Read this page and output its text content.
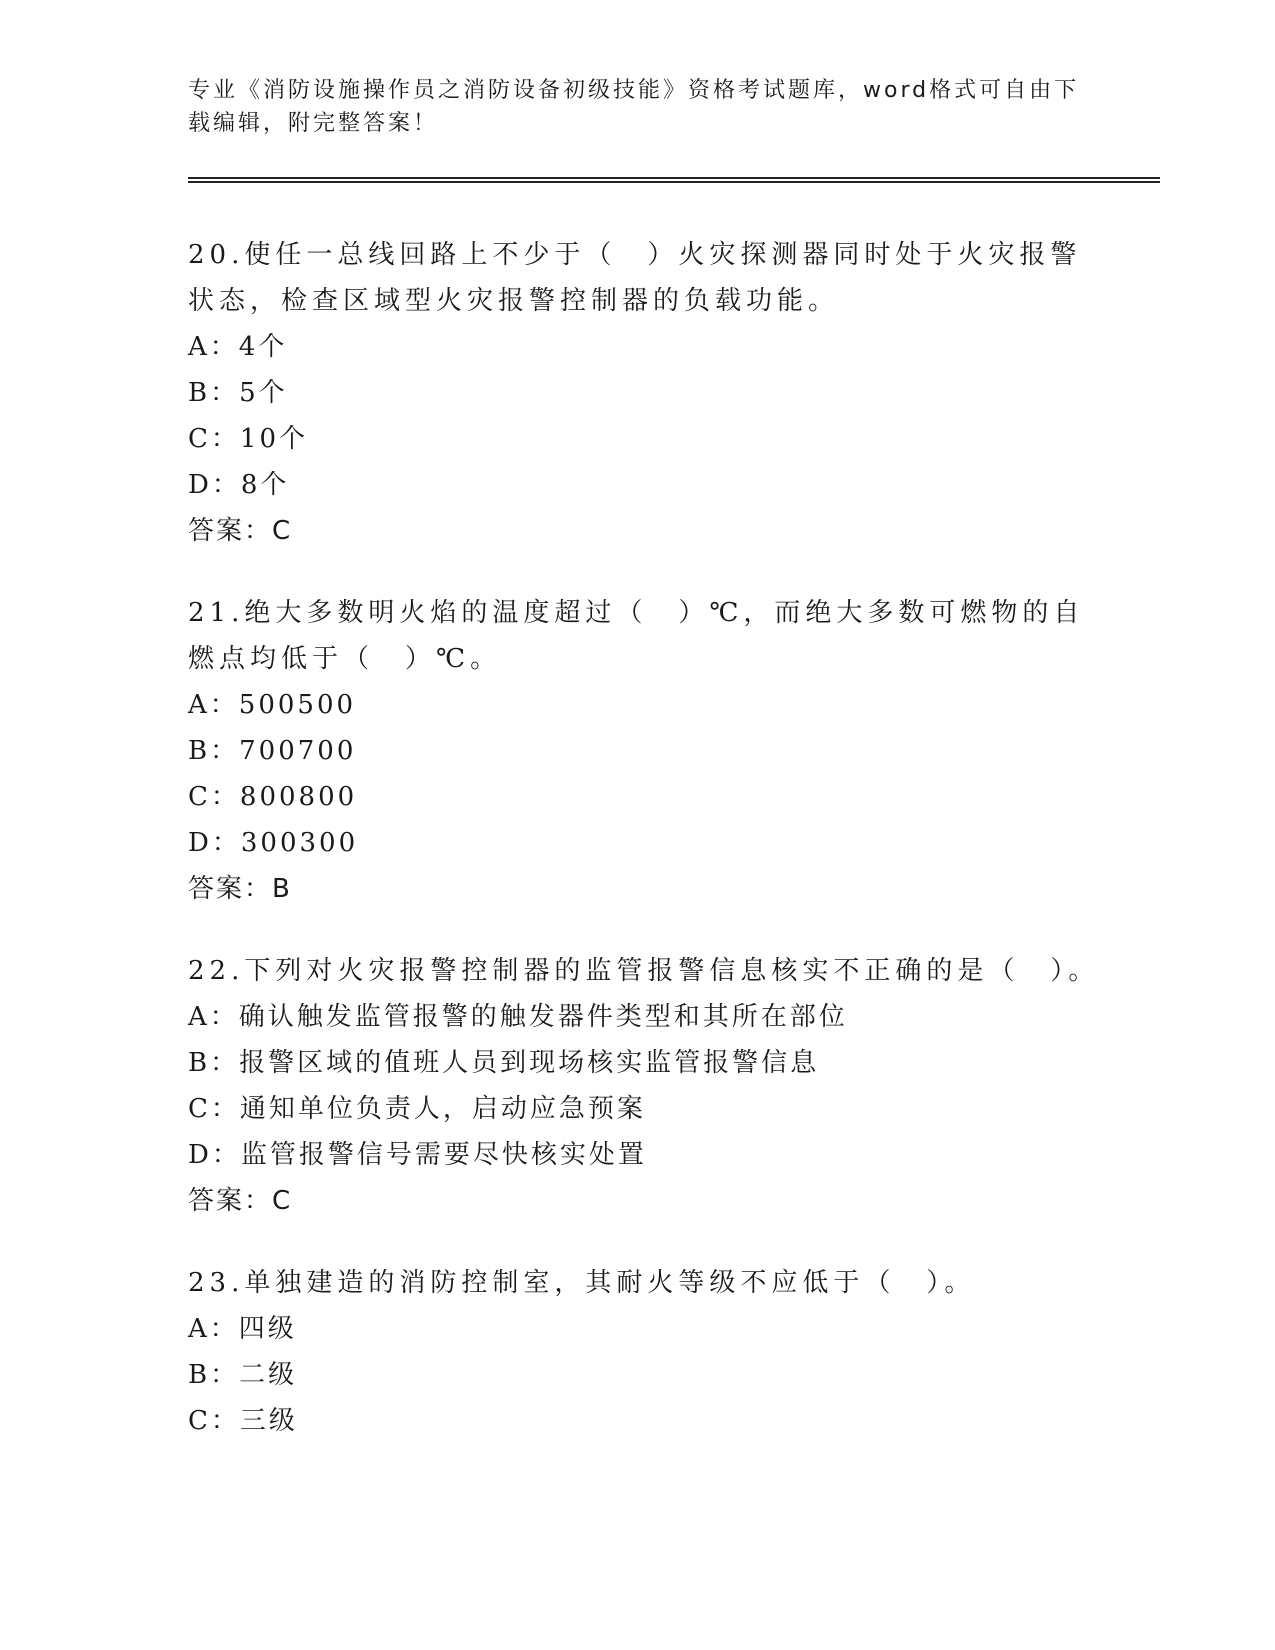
专业《消防设施操作员之消防设备初级技能》资格考试题库，word格式可自由下载编辑，附完整答案！

20.使任一总线回路上不少于（　）火灾探测器同时处于火灾报警状态，检查区域型火灾报警控制器的负载功能。

A：4个

B：5个

C：10个

D：8个

答案：C

21.绝大多数明火焰的温度超过（　）℃，而绝大多数可燃物的自燃点均低于（　）℃。

A：500500

B：700700

C：800800

D：300300

答案：B

22.下列对火灾报警控制器的监管报警信息核实不正确的是（　）。

A：确认触发监管报警的触发器件类型和其所在部位

B：报警区域的值班人员到现场核实监管报警信息

C：通知单位负责人，启动应急预案

D：监管报警信号需要尽快核实处置

答案：C

23.单独建造的消防控制室，其耐火等级不应低于（　）。

A：四级

B：二级

C：三级
